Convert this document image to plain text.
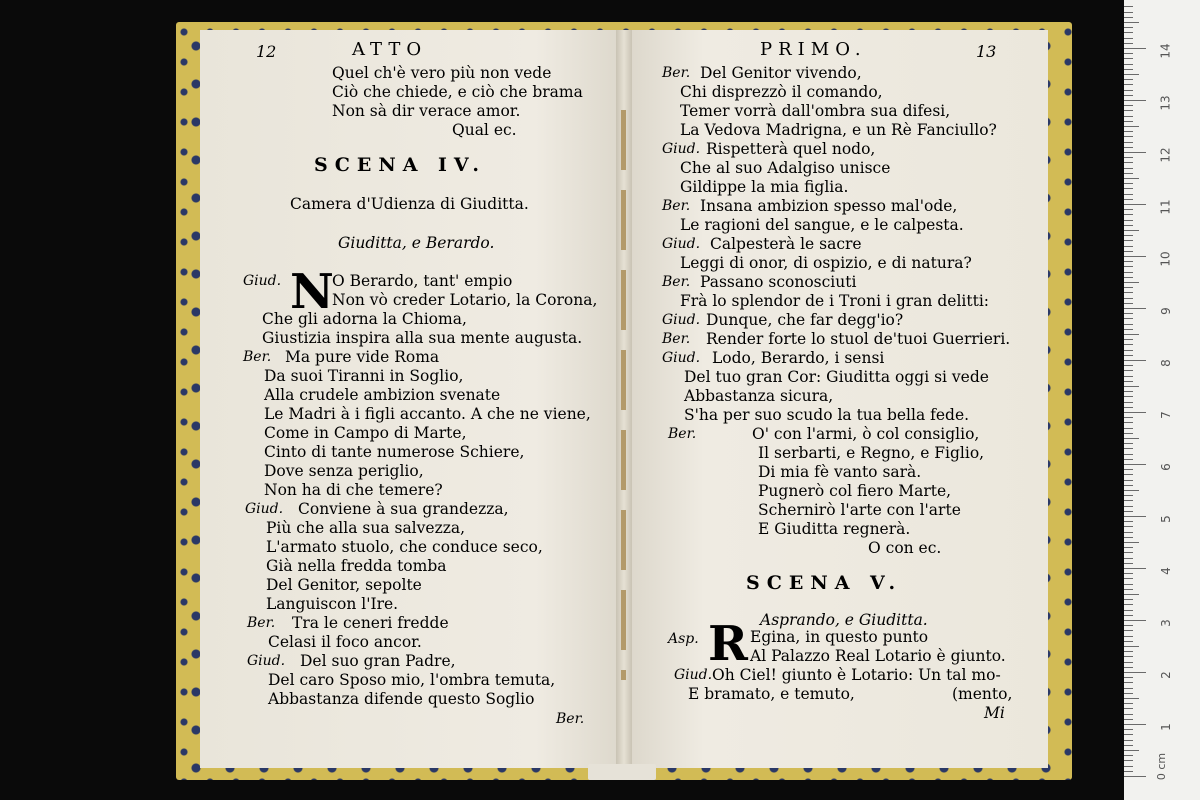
12	ATTO
Quel ch'è vero più non vede
Ciò che chiede, e ciò che brama
Non sà dir verace amor.
Qual ec.
SCENA IV.
Camera d'Udienza di Giuditta.
Giuditta, e Berardo.
Giud. N
O Berardo, tant' empio
Non vò creder Lotario, la Corona,
Che gli adorna la Chioma,
Giustizia inspira alla sua mente augusta.
Ber. Ma pure vide Roma
Da suoi Tiranni in Soglio,
Alla crudele ambizion svenate
Le Madri à i figli accanto. A che ne viene,
Come in Campo di Marte,
Cinto di tante numerose Schiere,
Dove senza periglio,
Non ha di che temere?
Giud. Conviene à sua grandezza,
Più che alla sua salvezza,
L'armato stuolo, che conduce seco,
Già nella fredda tomba
Del Genitor, sepolte
Languiscon l'Ire.
Ber. Tra le ceneri fredde
Celasi il foco ancor.
Giud. Del suo gran Padre,
Del caro Sposo mio, l'ombra temuta,
Abbastanza difende questo Soglio
Ber.
PRIMO.	13
Ber. Del Genitor vivendo,
Chi disprezzò il comando,
Temer vorrà dall'ombra sua difesi,
La Vedova Madrigna, e un Rè Fanciullo?
Giud. Rispetterà quel nodo,
Che al suo Adalgiso unisce
Gildippe la mia figlia.
Ber. Insana ambizion spesso mal'ode,
Le ragioni del sangue, e le calpesta.
Giud. Calpesterà le sacre
Leggi di onor, di ospizio, e di natura?
Ber. Passano sconosciuti
Frà lo splendor de i Troni i gran delitti:
Giud. Dunque, che far degg'io?
Ber. Render forte lo stuol de'tuoi Guerrieri.
Giud. Lodo, Berardo, i sensi
Del tuo gran Cor: Giuditta oggi si vede
Abbastanza sicura,
S'ha per suo scudo la tua bella fede.
Ber.	O' con l'armi, ò col consiglio,
Il serbarti, e Regno, e Figlio,
Di mia fè vanto sarà.
Pugnerò col fiero Marte,
Schernirò l'arte con l'arte
E Giuditta regnerà.
O con ec.
SCENA V.
Asprando, e Giuditta.
Asp. R Egina, in questo punto
Al Palazzo Real Lotario è giunto.
Giud. Oh Ciel! giunto è Lotario: Un tal mo-
E bramato, e temuto,	(mento,
Mi
0 cm
1
2
3
4
5
6
7
8
9
10
11
12
13
14
